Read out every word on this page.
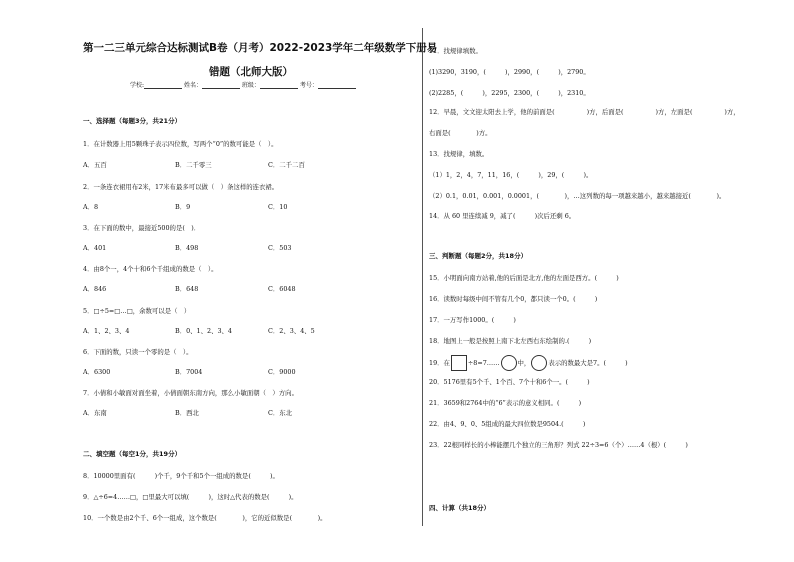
第一二三单元综合达标测试B卷（月考）2022-2023学年二年级数学下册易
错题（北师大版）
学校:	姓名：	班级：	考号：
一、选择题（每题3分，共21分）
1．在计数器上用5颗珠子表示四位数，写两个“0”的数可能是（　）。
A．五百	B．二千零三	C．二千二百
2．一条连衣裙用布2米，17米布最多可以做（　）条这样的连衣裙。
A．8	B．9	C．10
3．在下面的数中，最接近500的是(　)．
A．401	B．498	C．503
4．由8个一，4个十和6个千组成的数是（　）。
A．846	B．648	C．6048
5．□÷5=□…□，余数可以是（　）
A．1、2、3、4	B．0、1、2、3、4	C．2、3、4、5
6．下面的数，只读一个零的是（　）。
A．6300	B．7004	C．9000
7．小倩和小敏面对面坐着，小倩面朝东南方向，那么小敏面朝（　）方向。
A．东南	B．西北	C．东北
二、填空题（每空1分，共19分）
8．10000里面有(　　　)个千，9个千和5个一组成的数是(　　　)。
9．△÷6=4……□，□里最大可以填(　　　)，这时△代表的数是(　　　)。
10．一个数是由2个千、6个一组成，这个数是(　　　　)，它的近似数是(　　　　)。
11．找规律填数。
(1)3290，3190，(　　　)，2990，(　　　)，2790。
(2)2285，(　　　)，2295，2300，(　　　)，2310。
12．早晨，文文迎太阳去上学，他的前面是(　　　　　)方，后面是(　　　　　)方，左面是(　　　　　)方，
右面是(　　　　)方。
13．找规律，填数。
（1）1，2，4，7，11，16，(　　　)，29，(　　　)。
（2）0.1，0.01，0.001，0.0001，(　　　　)，…这列数的每一项越来越小，越来越接近(　　　　)。
14．从 60 里连续减 9，减了(　　　)次后还剩 6。
三、判断题（每题2分，共18分）
15．小明面向南方站着,他的后面是北方,他的左面是西方。(　　　)
16．读数时每级中间不管有几个0，都只读一个0。(　　　)
17．一万写作1000。(　　　)
18．地图上一般是按照上南下北左西右东绘制的.(　　　)
19．在	÷8=7……	中，	表示的数最大是7。(　　　)
20．5176里有5个千、1个百、7个十和6个一。(　　　)
21．3659和2764中的“6”表示的意义相同。(　　　)
22．由4、9、0、5组成的最大四位数是9504.(　　　)
23．22根同样长的小棒能摆几个独立的三角形？列式 22÷3=6（个）……4（根）(　　　)
四、计算（共18分）
